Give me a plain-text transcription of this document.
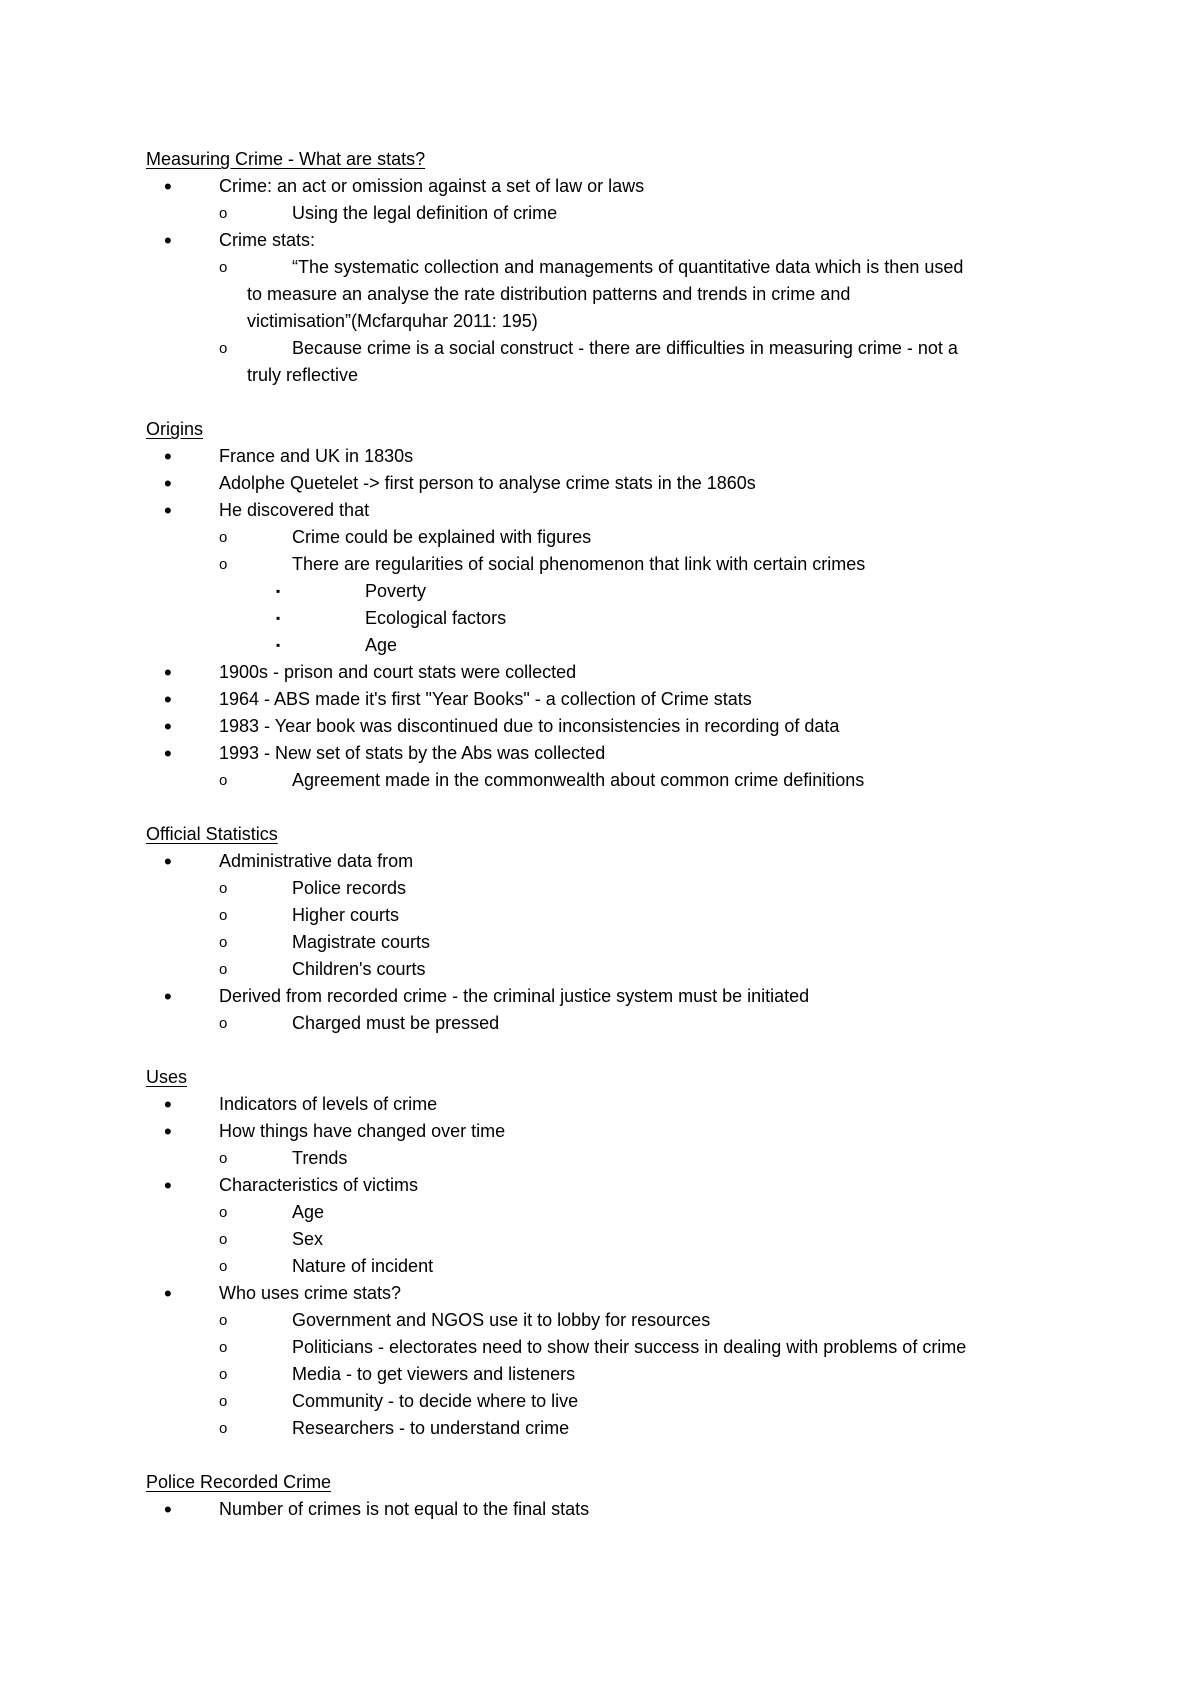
Measuring Crime - What are stats?
•	Crime: an act or omission against a set of law or laws
o	Using the legal definition of crime
•	Crime stats:
o	“The systematic collection and managements of quantitative data which is then used
to measure an analyse the rate distribution patterns and trends in crime and
victimisation”(Mcfarquhar 2011: 195)
o	Because crime is a social construct - there are difficulties in measuring crime - not a
truly reflective
Origins
•	France and UK in 1830s
•	Adolphe Quetelet -> first person to analyse crime stats in the 1860s
•	He discovered that
o	Crime could be explained with figures
o	There are regularities of social phenomenon that link with certain crimes
▪	Poverty
▪	Ecological factors
▪	Age
•	1900s - prison and court stats were collected
•	1964 - ABS made it's first "Year Books" - a collection of Crime stats
•	1983 - Year book was discontinued due to inconsistencies in recording of data
•	1993 - New set of stats by the Abs was collected
o	Agreement made in the commonwealth about common crime definitions
Official Statistics
•	Administrative data from
o	Police records
o	Higher courts
o	Magistrate courts
o	Children's courts
•	Derived from recorded crime - the criminal justice system must be initiated
o	Charged must be pressed
Uses
•	Indicators of levels of crime
•	How things have changed over time
o	Trends
•	Characteristics of victims
o	Age
o	Sex
o	Nature of incident
•	Who uses crime stats?
o	Government and NGOS use it to lobby for resources
o	Politicians - electorates need to show their success in dealing with problems of crime
o	Media - to get viewers and listeners
o	Community - to decide where to live
o	Researchers - to understand crime
Police Recorded Crime
•	Number of crimes is not equal to the final stats
